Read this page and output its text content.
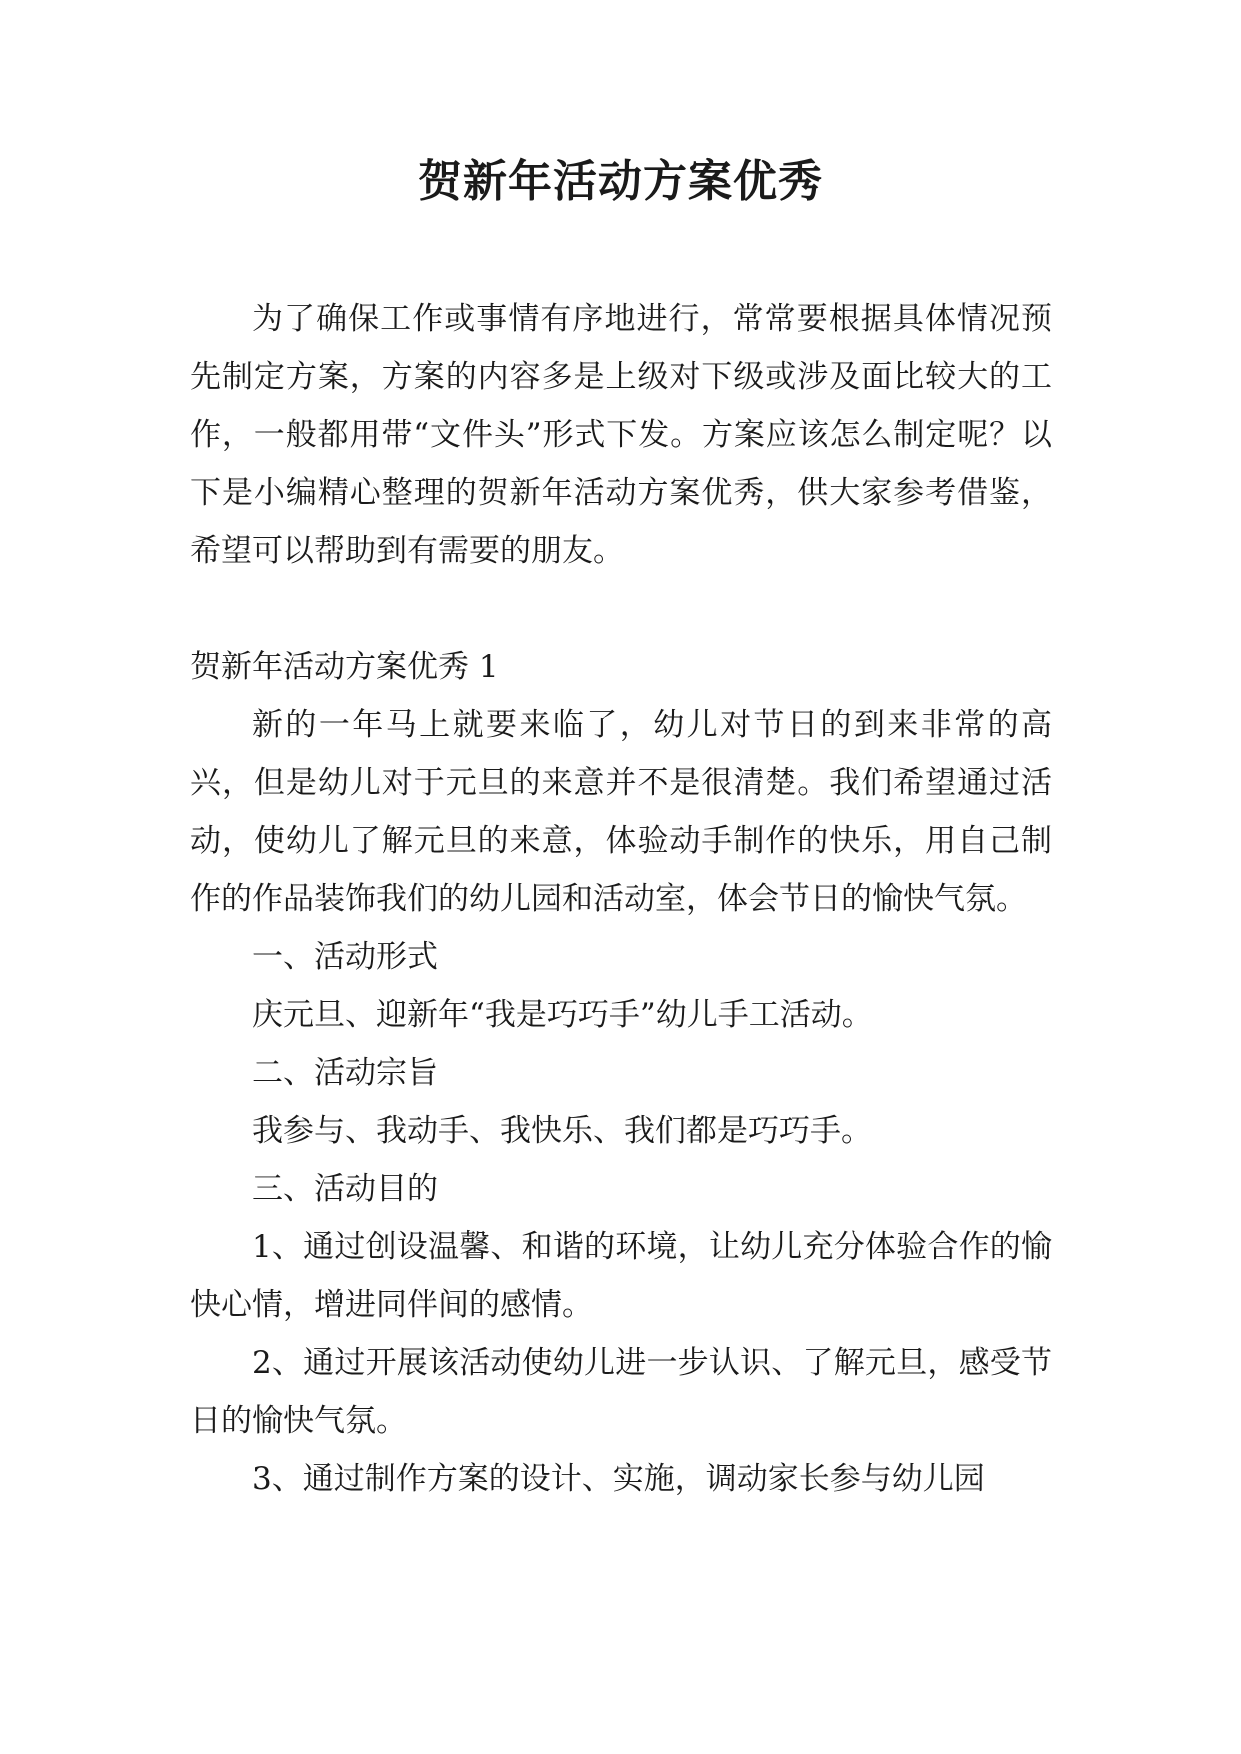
贺新年活动方案优秀

为了确保工作或事情有序地进行，常常要根据具体情况预先制定方案，方案的内容多是上级对下级或涉及面比较大的工作，一般都用带“文件头”形式下发。方案应该怎么制定呢？以下是小编精心整理的贺新年活动方案优秀，供大家参考借鉴，希望可以帮助到有需要的朋友。

贺新年活动方案优秀 1

新的一年马上就要来临了，幼儿对节日的到来非常的高兴，但是幼儿对于元旦的来意并不是很清楚。我们希望通过活动，使幼儿了解元旦的来意，体验动手制作的快乐，用自己制作的作品装饰我们的幼儿园和活动室，体会节日的愉快气氛。

一、活动形式

庆元旦、迎新年“我是巧巧手”幼儿手工活动。

二、活动宗旨

我参与、我动手、我快乐、我们都是巧巧手。

三、活动目的

1、通过创设温馨、和谐的环境，让幼儿充分体验合作的愉快心情，增进同伴间的感情。

2、通过开展该活动使幼儿进一步认识、了解元旦，感受节日的愉快气氛。

3、通过制作方案的设计、实施，调动家长参与幼儿园
